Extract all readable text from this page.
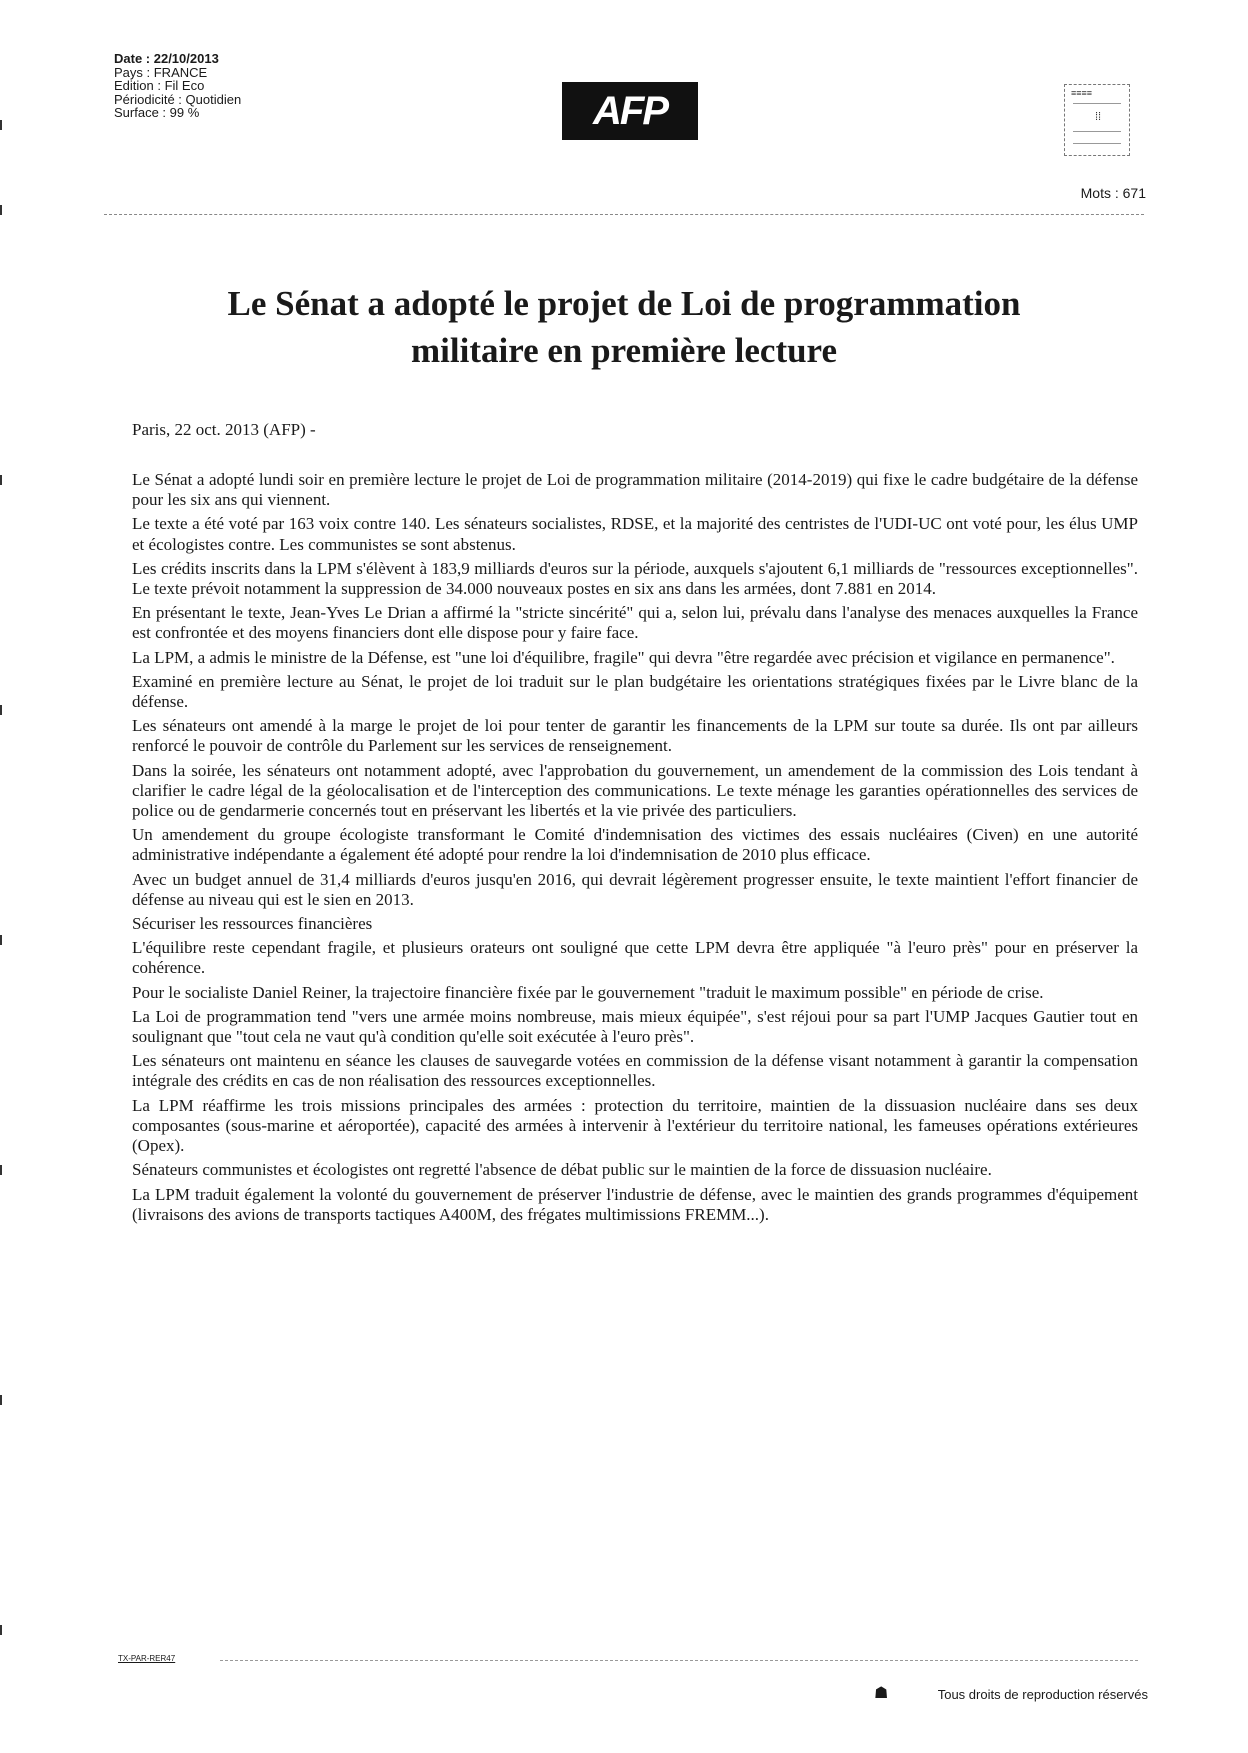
Date : 22/10/2013
Pays : FRANCE
Edition : Fil Eco
Périodicité : Quotidien
Surface : 99 %	AFP	≡≡≡≡
⁞⁞
Mots : 671
Le Sénat a adopté le projet de Loi de programmation
militaire en première lecture
Paris, 22 oct. 2013 (AFP) -

Le Sénat a adopté lundi soir en première lecture le projet de Loi de programmation militaire (2014-2019) qui fixe le cadre budgétaire de la défense pour les six ans qui viennent.

Le texte a été voté par 163 voix contre 140. Les sénateurs socialistes, RDSE, et la majorité des centristes de l'UDI-UC ont voté pour, les élus UMP et écologistes contre. Les communistes se sont abstenus.

Les crédits inscrits dans la LPM s'élèvent à 183,9 milliards d'euros sur la période, auxquels s'ajoutent 6,1 milliards de "ressources exceptionnelles". Le texte prévoit notamment la suppression de 34.000 nouveaux postes en six ans dans les armées, dont 7.881 en 2014.

En présentant le texte, Jean-Yves Le Drian a affirmé la "stricte sincérité" qui a, selon lui, prévalu dans l'analyse des menaces auxquelles la France est confrontée et des moyens financiers dont elle dispose pour y faire face.

La LPM, a admis le ministre de la Défense, est "une loi d'équilibre, fragile" qui devra "être regardée avec précision et vigilance en permanence".

Examiné en première lecture au Sénat, le projet de loi traduit sur le plan budgétaire les orientations stratégiques fixées par le Livre blanc de la défense.

Les sénateurs ont amendé à la marge le projet de loi pour tenter de garantir les financements de la LPM sur toute sa durée. Ils ont par ailleurs renforcé le pouvoir de contrôle du Parlement sur les services de renseignement.

Dans la soirée, les sénateurs ont notamment adopté, avec l'approbation du gouvernement, un amendement de la commission des Lois tendant à clarifier le cadre légal de la géolocalisation et de l'interception des communications. Le texte ménage les garanties opérationnelles des services de police ou de gendarmerie concernés tout en préservant les libertés et la vie privée des particuliers.

Un amendement du groupe écologiste transformant le Comité d'indemnisation des victimes des essais nucléaires (Civen) en une autorité administrative indépendante a également été adopté pour rendre la loi d'indemnisation de 2010 plus efficace.

Avec un budget annuel de 31,4 milliards d'euros jusqu'en 2016, qui devrait légèrement progresser ensuite, le texte maintient l'effort financier de défense au niveau qui est le sien en 2013.

Sécuriser les ressources financières

L'équilibre reste cependant fragile, et plusieurs orateurs ont souligné que cette LPM devra être appliquée "à l'euro près" pour en préserver la cohérence.

Pour le socialiste Daniel Reiner, la trajectoire financière fixée par le gouvernement "traduit le maximum possible" en période de crise.

La Loi de programmation tend "vers une armée moins nombreuse, mais mieux équipée", s'est réjoui pour sa part l'UMP Jacques Gautier tout en soulignant que "tout cela ne vaut qu'à condition qu'elle soit exécutée à l'euro près".

Les sénateurs ont maintenu en séance les clauses de sauvegarde votées en commission de la défense visant notamment à garantir la compensation intégrale des crédits en cas de non réalisation des ressources exceptionnelles.

La LPM réaffirme les trois missions principales des armées : protection du territoire, maintien de la dissuasion nucléaire dans ses deux composantes (sous-marine et aéroportée), capacité des armées à intervenir à l'extérieur du territoire national, les fameuses opérations extérieures (Opex).

Sénateurs communistes et écologistes ont regretté l'absence de débat public sur le maintien de la force de dissuasion nucléaire.

La LPM traduit également la volonté du gouvernement de préserver l'industrie de défense, avec le maintien des grands programmes d'équipement (livraisons des avions de transports tactiques A400M, des frégates multimissions FREMM...).

TX-PAR-RER47
☗	Tous droits de reproduction réservés
